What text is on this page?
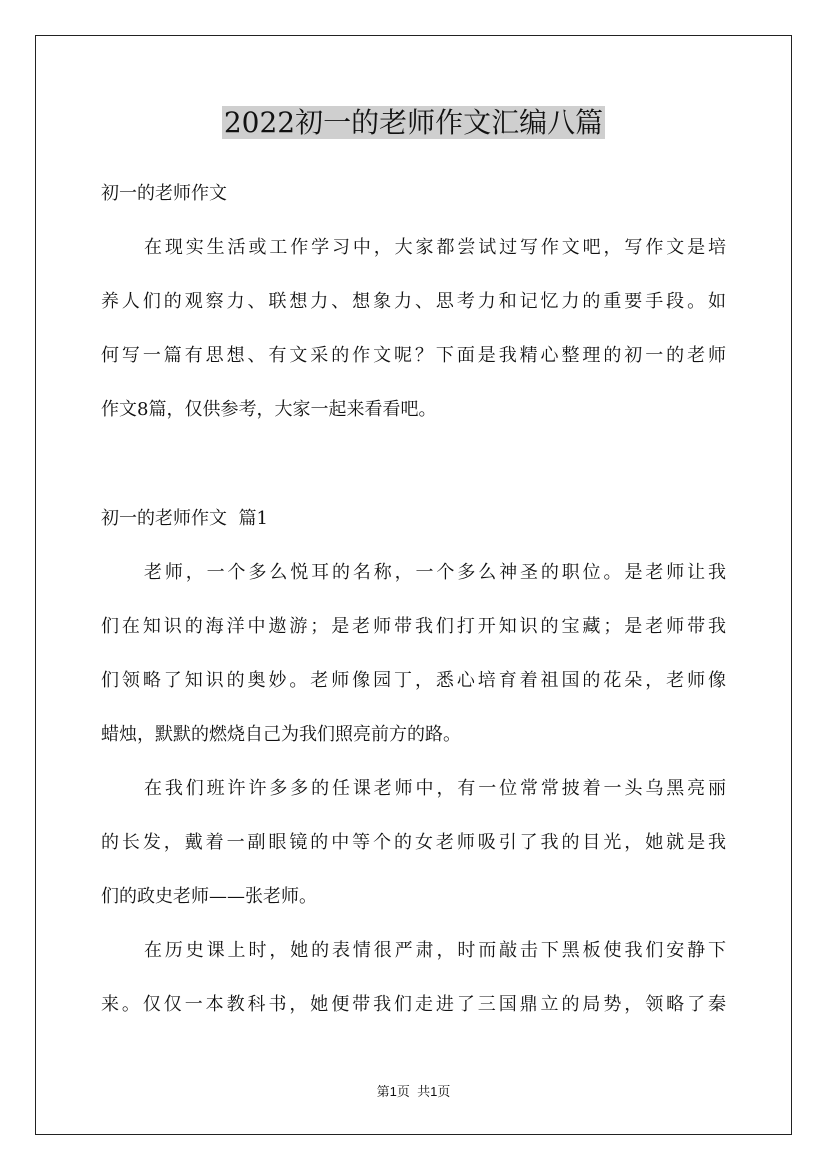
2022初一的老师作文汇编八篇
初一的老师作文
在现实生活或工作学习中，大家都尝试过写作文吧，写作文是培
养人们的观察力、联想力、想象力、思考力和记忆力的重要手段。如
何写一篇有思想、有文采的作文呢？下面是我精心整理的初一的老师
作文8篇，仅供参考，大家一起来看看吧。
初一的老师作文  篇1
老师，一个多么悦耳的名称，一个多么神圣的职位。是老师让我
们在知识的海洋中遨游；是老师带我们打开知识的宝藏；是老师带我
们领略了知识的奥妙。老师像园丁，悉心培育着祖国的花朵，老师像
蜡烛，默默的燃烧自己为我们照亮前方的路。
在我们班许许多多的任课老师中，有一位常常披着一头乌黑亮丽
的长发，戴着一副眼镜的中等个的女老师吸引了我的目光，她就是我
们的政史老师——张老师。
在历史课上时，她的表情很严肃，时而敲击下黑板使我们安静下
来。仅仅一本教科书，她便带我们走进了三国鼎立的局势，领略了秦
第1页  共1页
